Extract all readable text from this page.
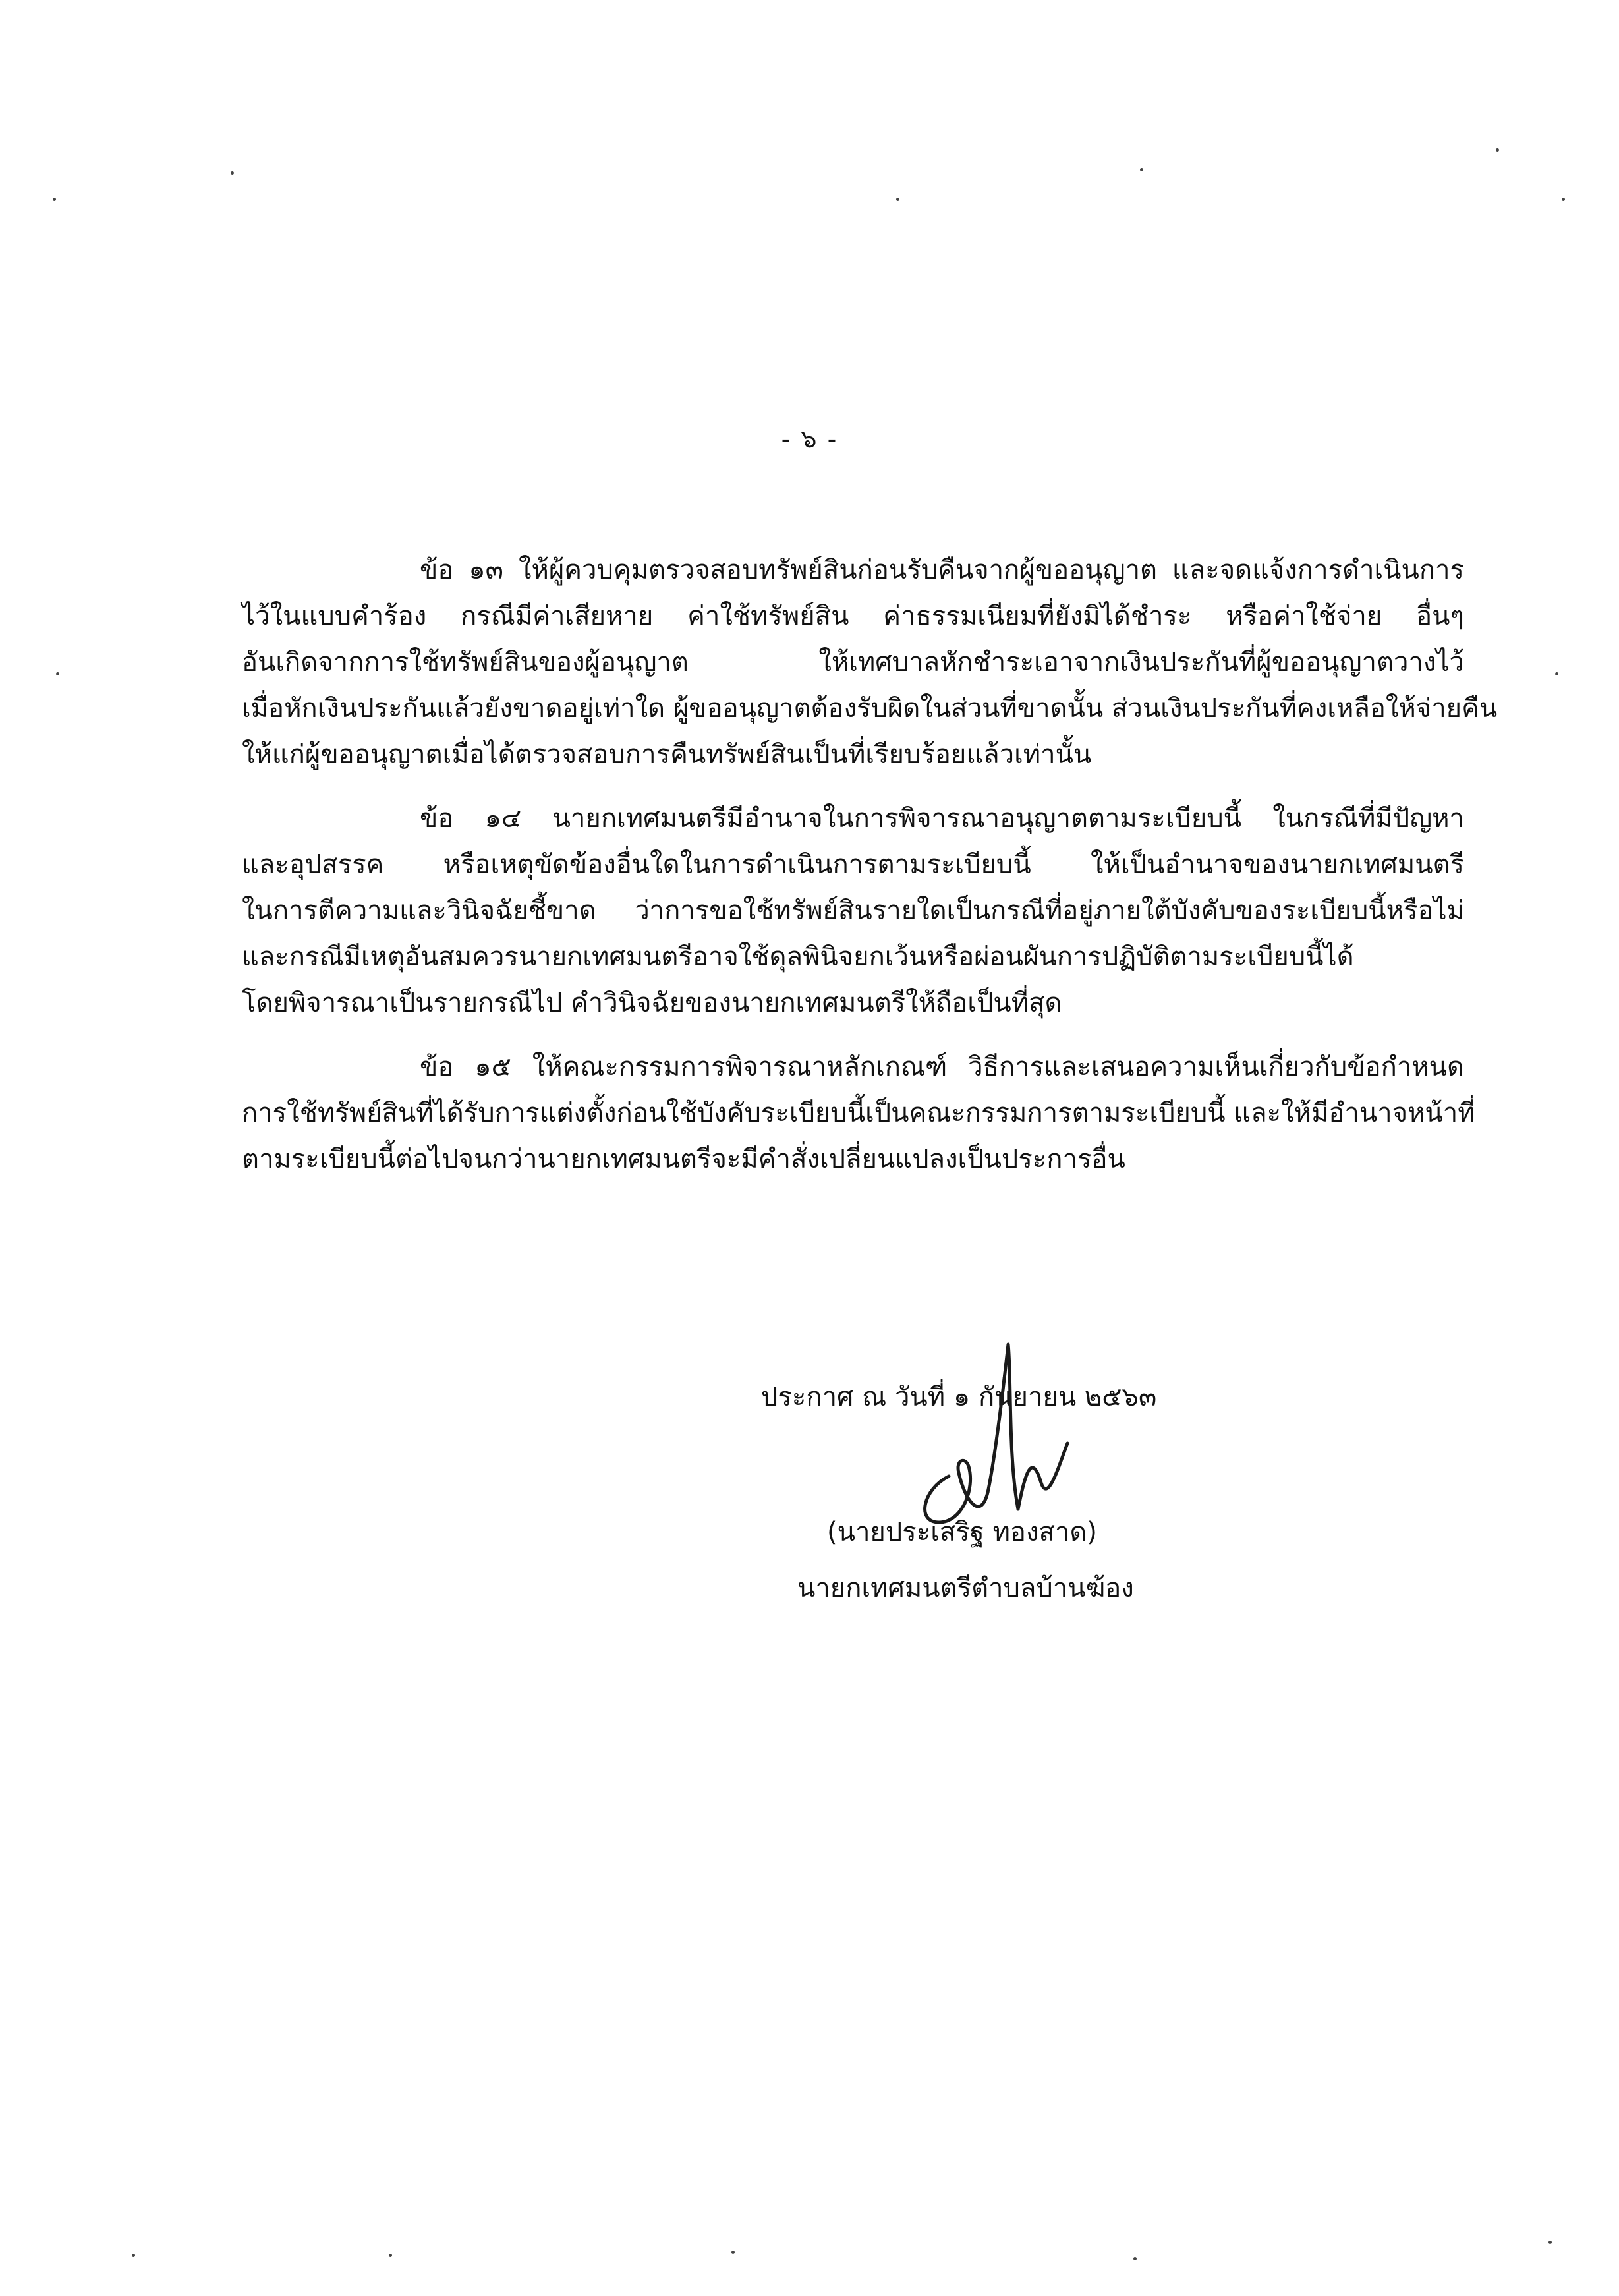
- ๖ -

ข้อ ๑๓ ให้ผู้ควบคุมตรวจสอบทรัพย์สินก่อนรับคืนจากผู้ขออนุญาต และจดแจ้งการดำเนินการ
ไว้ในแบบคำร้อง กรณีมีค่าเสียหาย ค่าใช้ทรัพย์สิน ค่าธรรมเนียมที่ยังมิได้ชำระ หรือค่าใช้จ่าย อื่นๆ
อันเกิดจากการใช้ทรัพย์สินของผู้อนุญาต ให้เทศบาลหักชำระเอาจากเงินประกันที่ผู้ขออนุญาตวางไว้
เมื่อหักเงินประกันแล้วยังขาดอยู่เท่าใด ผู้ขออนุญาตต้องรับผิดในส่วนที่ขาดนั้น ส่วนเงินประกันที่คงเหลือให้จ่ายคืน
ให้แก่ผู้ขออนุญาตเมื่อได้ตรวจสอบการคืนทรัพย์สินเป็นที่เรียบร้อยแล้วเท่านั้น

ข้อ ๑๔ นายกเทศมนตรีมีอำนาจในการพิจารณาอนุญาตตามระเบียบนี้ ในกรณีที่มีปัญหา
และอุปสรรค หรือเหตุขัดข้องอื่นใดในการดำเนินการตามระเบียบนี้ ให้เป็นอำนาจของนายกเทศมนตรี
ในการตีความและวินิจฉัยชี้ขาด ว่าการขอใช้ทรัพย์สินรายใดเป็นกรณีที่อยู่ภายใต้บังคับของระเบียบนี้หรือไม่
และกรณีมีเหตุอันสมควรนายกเทศมนตรีอาจใช้ดุลพินิจยกเว้นหรือผ่อนผันการปฏิบัติตามระเบียบนี้ได้
โดยพิจารณาเป็นรายกรณีไป คำวินิจฉัยของนายกเทศมนตรีให้ถือเป็นที่สุด

ข้อ ๑๕ ให้คณะกรรมการพิจารณาหลักเกณฑ์ วิธีการและเสนอความเห็นเกี่ยวกับข้อกำหนด
การใช้ทรัพย์สินที่ได้รับการแต่งตั้งก่อนใช้บังคับระเบียบนี้เป็นคณะกรรมการตามระเบียบนี้ และให้มีอำนาจหน้าที่
ตามระเบียบนี้ต่อไปจนกว่านายกเทศมนตรีจะมีคำสั่งเปลี่ยนแปลงเป็นประการอื่น

ประกาศ ณ วันที่ ๑ กันยายน ๒๕๖๓
(นายประเสริฐ ทองสาด)
นายกเทศมนตรีตำบลบ้านฆ้อง
